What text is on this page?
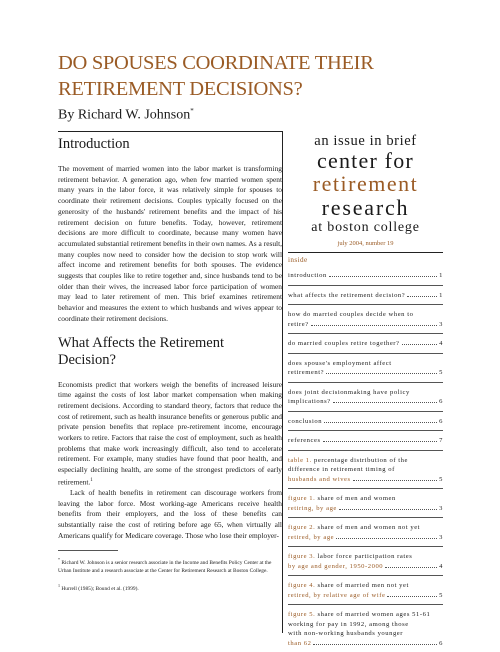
DO SPOUSES COORDINATE THEIR RETIREMENT DECISIONS?
By Richard W. Johnson*
Introduction

The movement of married women into the labor market is transforming retirement behavior. A generation ago, when few married women spent many years in the labor force, it was relatively simple for spouses to coordinate their retirement decisions. Couples typically focused on the generosity of the husbands' retirement benefits and the impact of his retirement decision on future benefits. Today, however, retirement decisions are more difficult to coordinate, because many women have accumulated substantial retirement benefits in their own names. As a result, many couples now need to consider how the decision to stop work will affect income and retirement benefits for both spouses. The evidence suggests that couples like to retire together and, since husbands tend to be older than their wives, the increased labor force participation of women may lead to later retirement of men. This brief examines retirement behavior and measures the extent to which husbands and wives appear to coordinate their retirement decisions.

What Affects the Retirement Decision?

Economists predict that workers weigh the benefits of increased leisure time against the costs of lost labor market compensation when making retirement decisions. According to standard theory, factors that reduce the cost of retirement, such as health insurance benefits or generous public and private pension benefits that replace pre-retirement income, encourage workers to retire. Factors that raise the cost of employment, such as health problems that make work increasingly difficult, also tend to accelerate retirement. For example, many studies have found that poor health, and especially declining health, are some of the strongest predictors of early retirement.$^1$

Lack of health benefits in retirement can discourage workers from leaving the labor force. Most working-age Americans receive health benefits from their employers, and the loss of these benefits can substantially raise the cost of retiring before age 65, when virtually all Americans qualify for Medicare coverage. Those who lose their employer-

* Richard W. Johnson is a senior research associate in the Income and Benefits Policy Center at the Urban Institute and a research associate at the Center for Retirement Research at Boston College.

$^1$ Hurrell (1985); Bound et al. (1999).

an issue in brief
center for
retirement
research
at boston college
july 2004, number 19
inside
introduction	1
what affects the retirement decision?	1
how do married couples decide when to
retire?	3
do married couples retire together?	4
does spouse's employment affect
retirement?	5
does joint decisionmaking have policy
implications?	6
conclusion	6
references	7
table 1. percentage distribution of the
difference in retirement timing of
husbands and wives	5
figure 1. share of men and women
retiring, by age	3
figure 2. share of men and women not yet
retired, by age	3
figure 3. labor force participation rates
by age and gender, 1950-2000	4
figure 4. share of married men not yet
retired, by relative age of wife	5
figure 5. share of married women ages 51-61 working for pay in 1992, among those
with non-working husbands younger
than 62	6
